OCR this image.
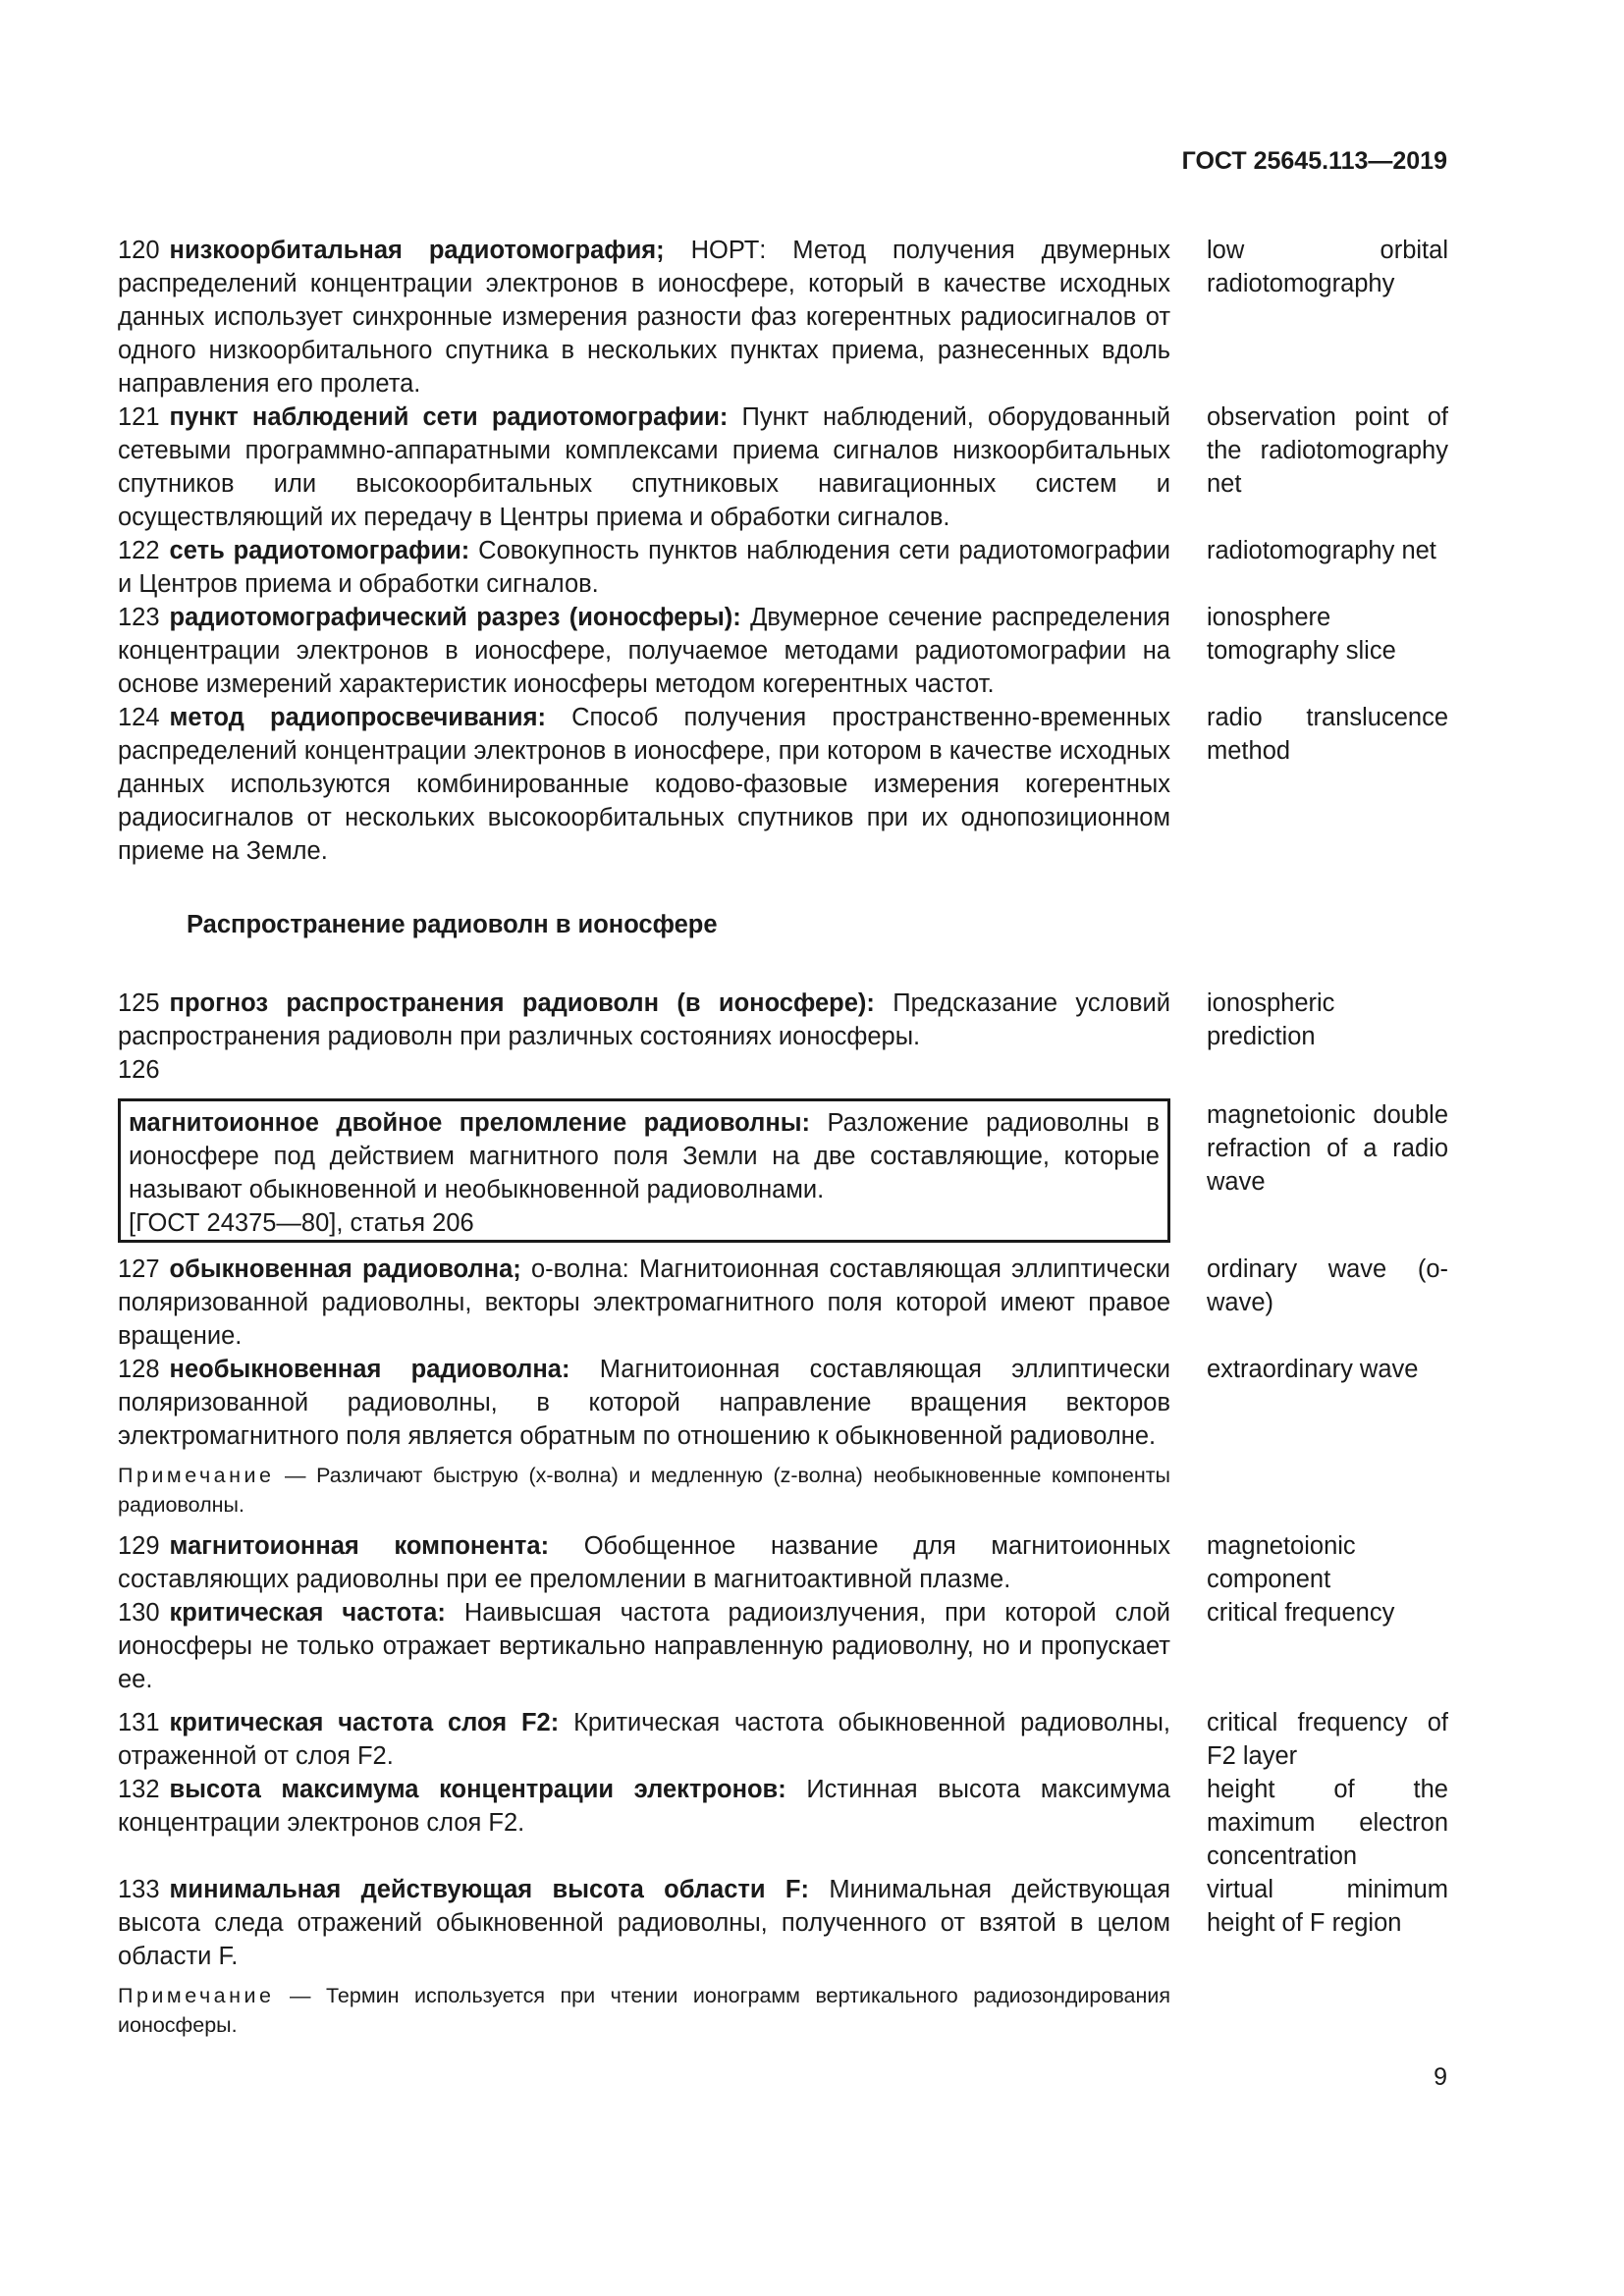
ГОСТ 25645.113—2019
120 низкоорбитальная радиотомография; НОРТ: Метод получения двумерных распределений концентрации электронов в ионосфере, который в качестве исходных данных использует синхронные измерения разности фаз когерентных радиосигналов от одного низкоорбитального спутника в нескольких пунктах приема, разнесенных вдоль направления его пролета.
low orbital radiotomography
121 пункт наблюдений сети радиотомографии: Пункт наблюдений, оборудованный сетевыми программно-аппаратными комплексами приема сигналов низкоорбитальных спутников или высокоорбитальных спутниковых навигационных систем и осуществляющий их передачу в Центры приема и обработки сигналов.
observation point of the radiotomography net
122 сеть радиотомографии: Совокупность пунктов наблюдения сети радиотомографии и Центров приема и обработки сигналов.
radiotomography net
123 радиотомографический разрез (ионосферы): Двумерное сечение распределения концентрации электронов в ионосфере, получаемое методами радиотомографии на основе измерений характеристик ионосферы методом когерентных частот.
ionosphere tomography slice
124 метод радиопросвечивания: Способ получения пространственно-временных распределений концентрации электронов в ионосфере, при котором в качестве исходных данных используются комбинированные кодово-фазовые измерения когерентных радиосигналов от нескольких высокоорбитальных спутников при их однопозиционном приеме на Земле.
radio translucence method
Распространение радиоволн в ионосфере
125 прогноз распространения радиоволн (в ионосфере): Предсказание условий распространения радиоволн при различных состояниях ионосферы.
126
ionospheric prediction
магнитоионное двойное преломление радиоволны: Разложение радиоволны в ионосфере под действием магнитного поля Земли на две составляющие, которые называют обыкновенной и необыкновенной радиоволнами.
[ГОСТ 24375—80], статья 206
magnetoionic double refraction of a radio wave
127 обыкновенная радиоволна; о-волна: Магнитоионная составляющая эллиптически поляризованной радиоволны, векторы электромагнитного поля которой имеют правое вращение.
ordinary wave (о-wave)
128 необыкновенная радиоволна: Магнитоионная составляющая эллиптически поляризованной радиоволны, в которой направление вращения векторов электромагнитного поля является обратным по отношению к обыкновенной радиоволне.
extraordinary wave
Примечание — Различают быструю (x-волна) и медленную (z-волна) необыкновенные компоненты радиоволны.
129 магнитоионная компонента: Обобщенное название для магнитоионных составляющих радиоволны при ее преломлении в магнитоактивной плазме.
magnetoionic component
130 критическая частота: Наивысшая частота радиоизлучения, при которой слой ионосферы не только отражает вертикально направленную радиоволну, но и пропускает ее.
critical frequency
131 критическая частота слоя F2: Критическая частота обыкновенной радиоволны, отраженной от слоя F2.
critical frequency of F2 layer
132 высота максимума концентрации электронов: Истинная высота максимума концентрации электронов слоя F2.
height of the maximum electron concentration
133 минимальная действующая высота области F: Минимальная действующая высота следа отражений обыкновенной радиоволны, полученного от взятой в целом области F.
virtual minimum height of F region
Примечание — Термин используется при чтении ионограмм вертикального радиозондирования ионосферы.
9
